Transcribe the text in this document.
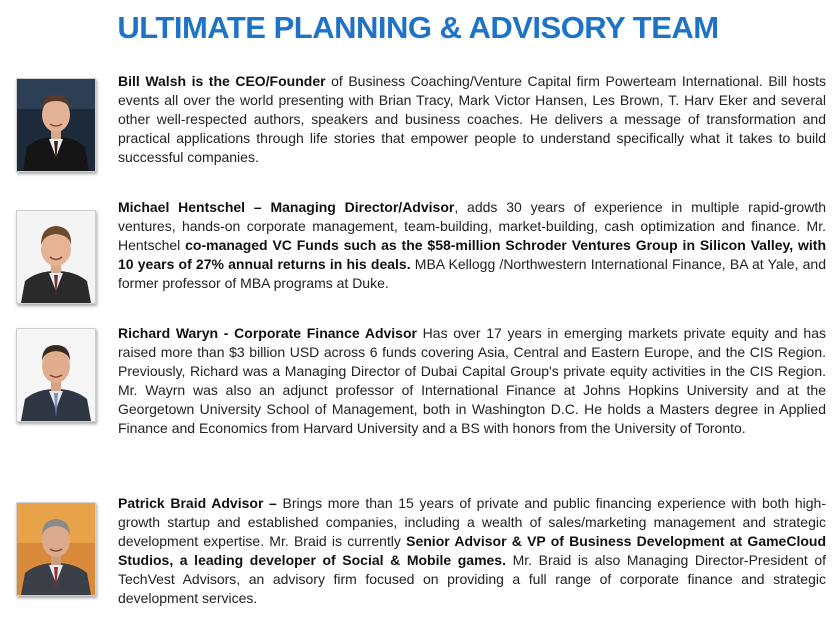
ULTIMATE PLANNING & ADVISORY TEAM
Bill Walsh is the CEO/Founder of Business Coaching/Venture Capital firm Powerteam International. Bill hosts events all over the world presenting with Brian Tracy, Mark Victor Hansen, Les Brown, T. Harv Eker and several other well-respected authors, speakers and business coaches. He delivers a message of transformation and practical applications through life stories that empower people to understand specifically what it takes to build successful companies.
Michael Hentschel – Managing Director/Advisor, adds 30 years of experience in multiple rapid-growth ventures, hands-on corporate management, team-building, market-building, cash optimization and finance. Mr. Hentschel co-managed VC Funds such as the $58-million Schroder Ventures Group in Silicon Valley, with 10 years of 27% annual returns in his deals. MBA Kellogg /Northwestern International Finance, BA at Yale, and former professor of MBA programs at Duke.
Richard Waryn - Corporate Finance Advisor Has over 17 years in emerging markets private equity and has raised more than $3 billion USD across 6 funds covering Asia, Central and Eastern Europe, and the CIS Region. Previously, Richard was a Managing Director of Dubai Capital Group's private equity activities in the CIS Region. Mr. Wayrn was also an adjunct professor of International Finance at Johns Hopkins University and at the Georgetown University School of Management, both in Washington D.C. He holds a Masters degree in Applied Finance and Economics from Harvard University and a BS with honors from the University of Toronto.
Patrick Braid Advisor – Brings more than 15 years of private and public financing experience with both high-growth startup and established companies, including a wealth of sales/marketing management and strategic development expertise. Mr. Braid is currently Senior Advisor & VP of Business Development at GameCloud Studios, a leading developer of Social & Mobile games. Mr. Braid is also Managing Director-President of TechVest Advisors, an advisory firm focused on providing a full range of corporate finance and strategic development services.
